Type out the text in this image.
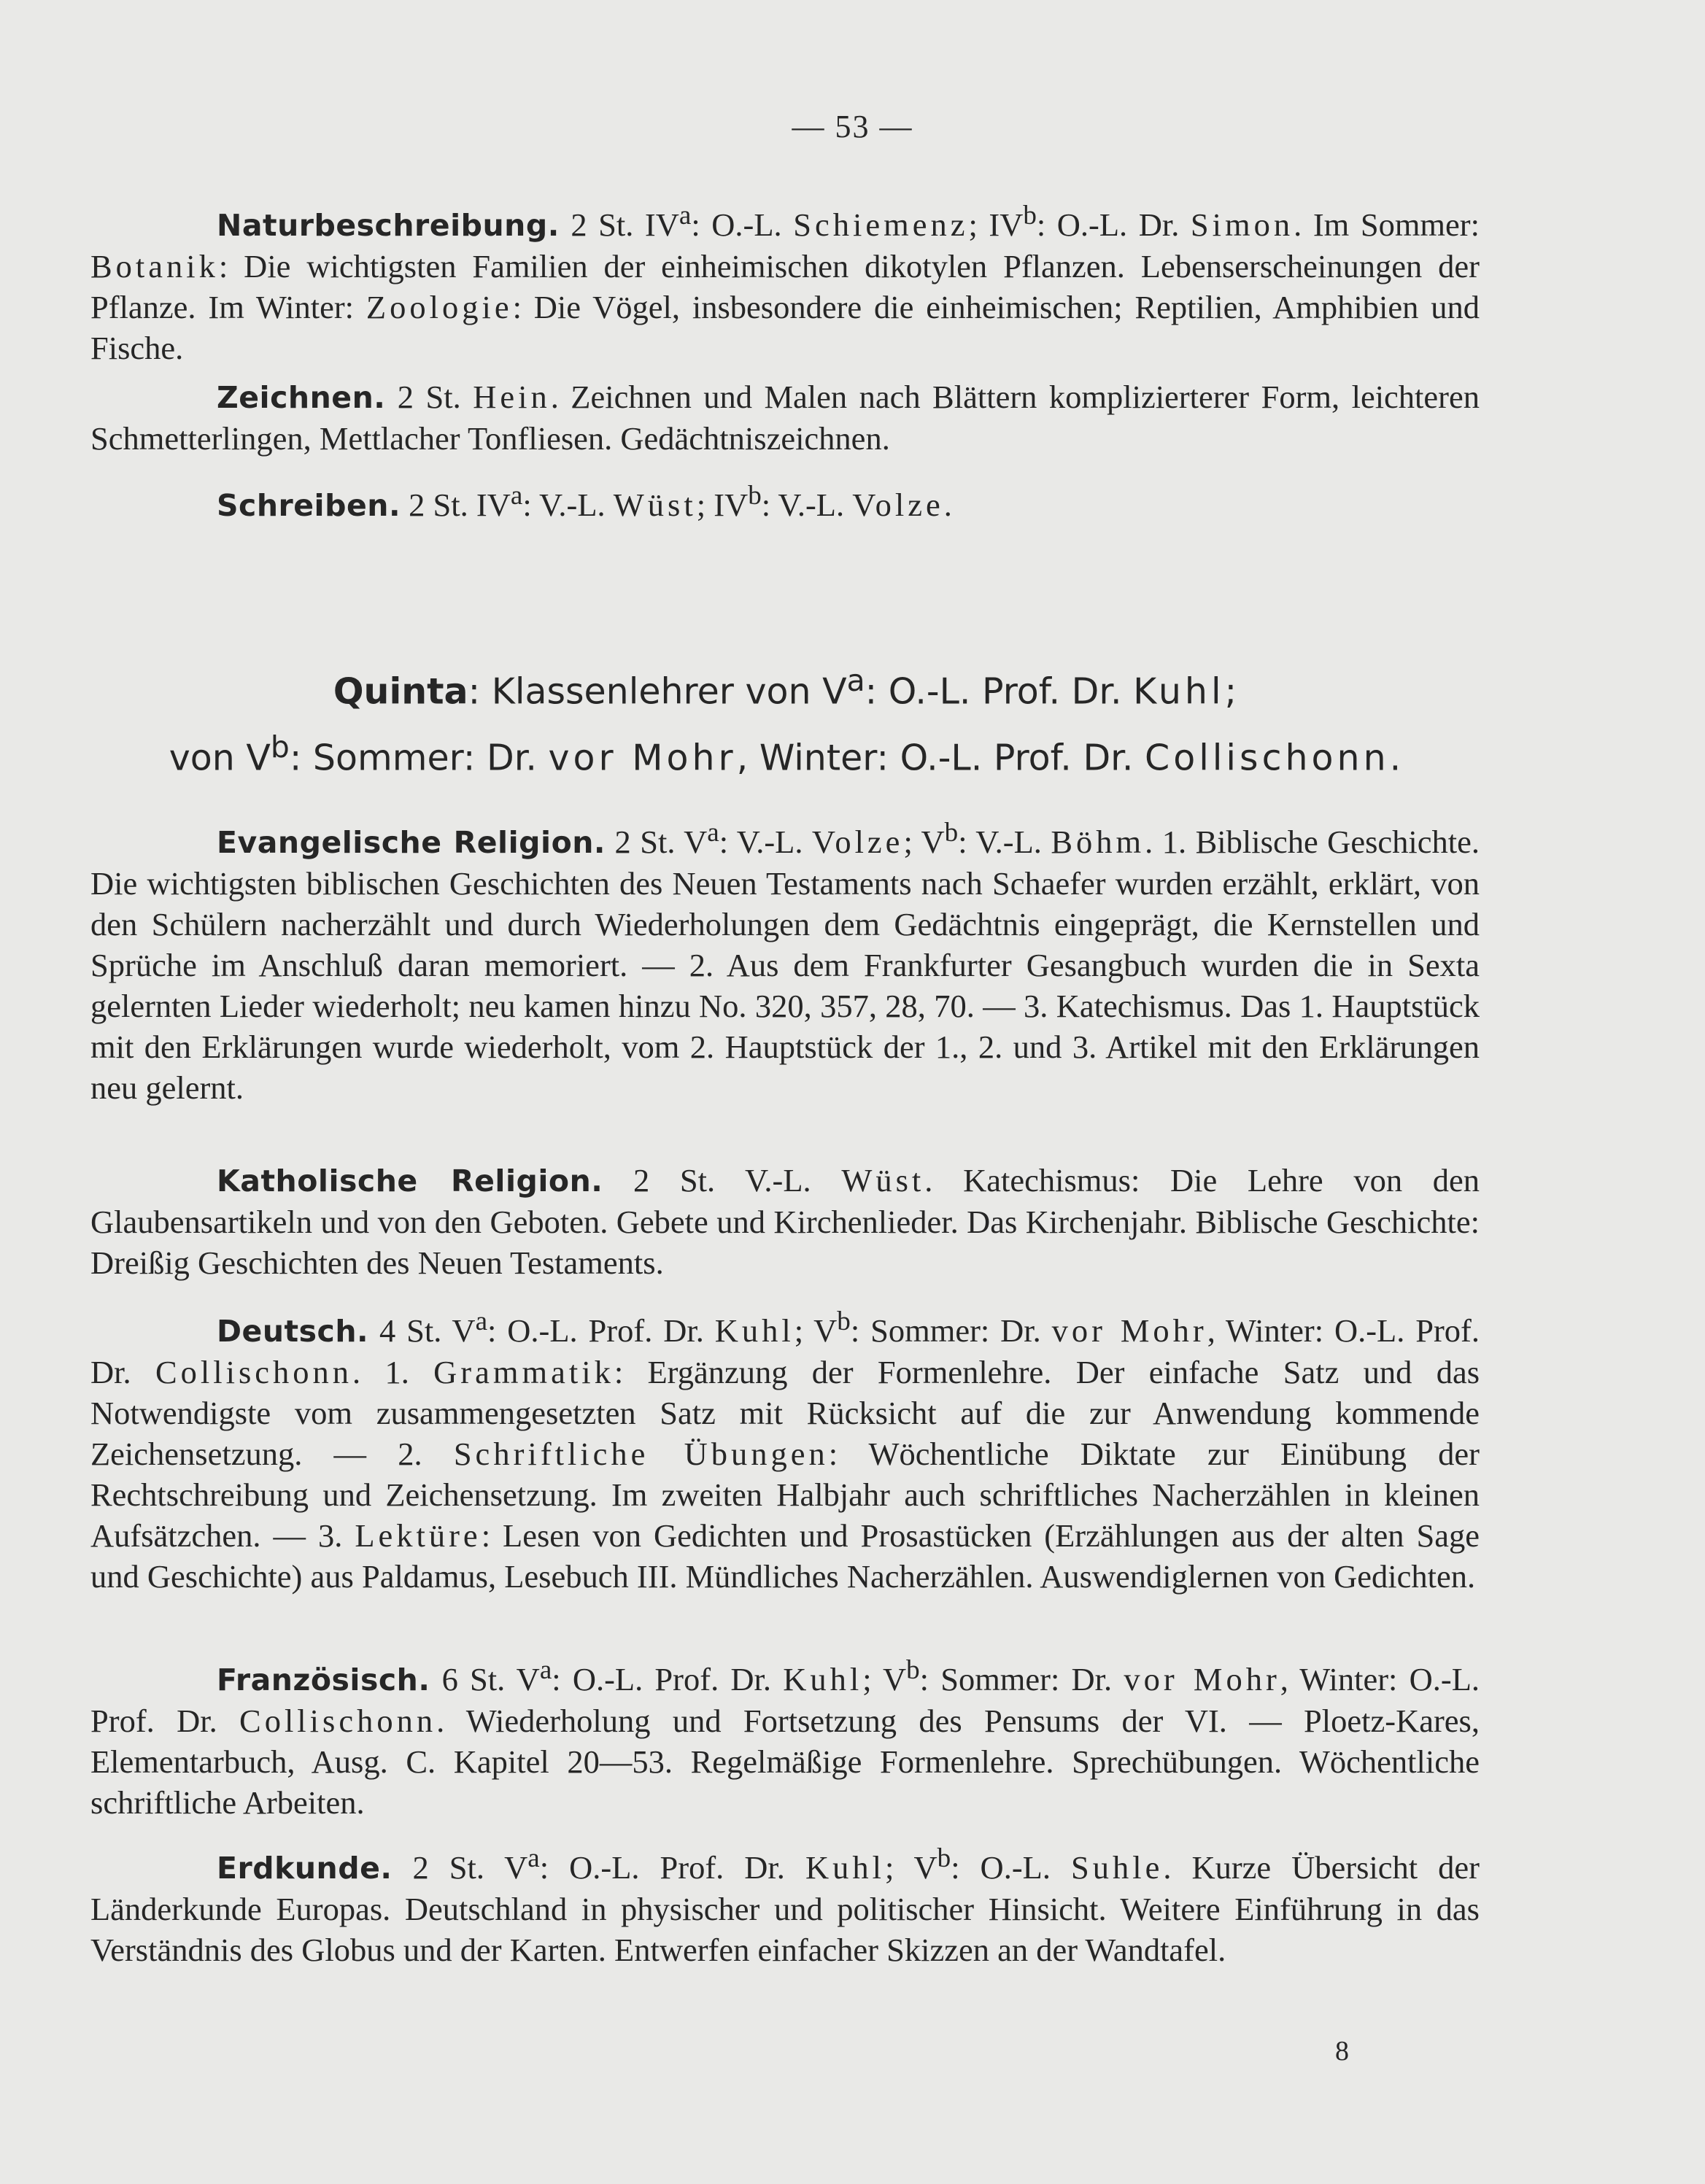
— 53 —

Naturbeschreibung. 2 St. $IV^a$: O.-L. Schiemenz; $IV^b$: O.-L. Dr. Simon. Im Sommer: Botanik: Die wichtigsten Familien der einheimischen dikotylen Pflanzen. Lebenserscheinungen der Pflanze. Im Winter: Zoologie: Die Vögel, insbesondere die einheimischen; Reptilien, Amphibien und Fische.

Zeichnen. 2 St. Hein. Zeichnen und Malen nach Blättern komplizierterer Form, leichteren Schmetterlingen, Mettlacher Tonfliesen. Gedächtniszeichnen.

Schreiben. 2 St. $IV^a$: V.-L. Wüst; $IV^b$: V.-L. Volze.

Quinta: Klassenlehrer von $V^a$: O.-L. Prof. Dr. Kuhl;
von $V^b$: Sommer: Dr. vor Mohr, Winter: O.-L. Prof. Dr. Collischonn.

Evangelische Religion. 2 St. $V^a$: V.-L. Volze; $V^b$: V.-L. Böhm. 1. Biblische Geschichte. Die wichtigsten biblischen Geschichten des Neuen Testaments nach Schaefer wurden erzählt, erklärt, von den Schülern nacherzählt und durch Wiederholungen dem Gedächtnis eingeprägt, die Kernstellen und Sprüche im Anschluß daran memoriert. — 2. Aus dem Frankfurter Gesangbuch wurden die in Sexta gelernten Lieder wiederholt; neu kamen hinzu No. 320, 357, 28, 70. — 3. Katechismus. Das 1. Hauptstück mit den Erklärungen wurde wiederholt, vom 2. Hauptstück der 1., 2. und 3. Artikel mit den Erklärungen neu gelernt.

Katholische Religion. 2 St. V.-L. Wüst. Katechismus: Die Lehre von den Glaubensartikeln und von den Geboten. Gebete und Kirchenlieder. Das Kirchenjahr. Biblische Geschichte: Dreißig Geschichten des Neuen Testaments.

Deutsch. 4 St. $V^a$: O.-L. Prof. Dr. Kuhl; $V^b$: Sommer: Dr. vor Mohr, Winter: O.-L. Prof. Dr. Collischonn. 1. Grammatik: Ergänzung der Formenlehre. Der einfache Satz und das Notwendigste vom zusammengesetzten Satz mit Rücksicht auf die zur Anwendung kommende Zeichensetzung. — 2. Schriftliche Übungen: Wöchentliche Diktate zur Einübung der Rechtschreibung und Zeichensetzung. Im zweiten Halbjahr auch schriftliches Nacherzählen in kleinen Aufsätzchen. — 3. Lektüre: Lesen von Gedichten und Prosastücken (Erzählungen aus der alten Sage und Geschichte) aus Paldamus, Lesebuch III. Mündliches Nacherzählen. Auswendiglernen von Gedichten.

Französisch. 6 St. $V^a$: O.-L. Prof. Dr. Kuhl; $V^b$: Sommer: Dr. vor Mohr, Winter: O.-L. Prof. Dr. Collischonn. Wiederholung und Fortsetzung des Pensums der VI. — Ploetz-Kares, Elementarbuch, Ausg. C. Kapitel 20—53. Regelmäßige Formenlehre. Sprechübungen. Wöchentliche schriftliche Arbeiten.

Erdkunde. 2 St. $V^a$: O.-L. Prof. Dr. Kuhl; $V^b$: O.-L. Suhle. Kurze Übersicht der Länderkunde Europas. Deutschland in physischer und politischer Hinsicht. Weitere Einführung in das Verständnis des Globus und der Karten. Entwerfen einfacher Skizzen an der Wandtafel.

8
